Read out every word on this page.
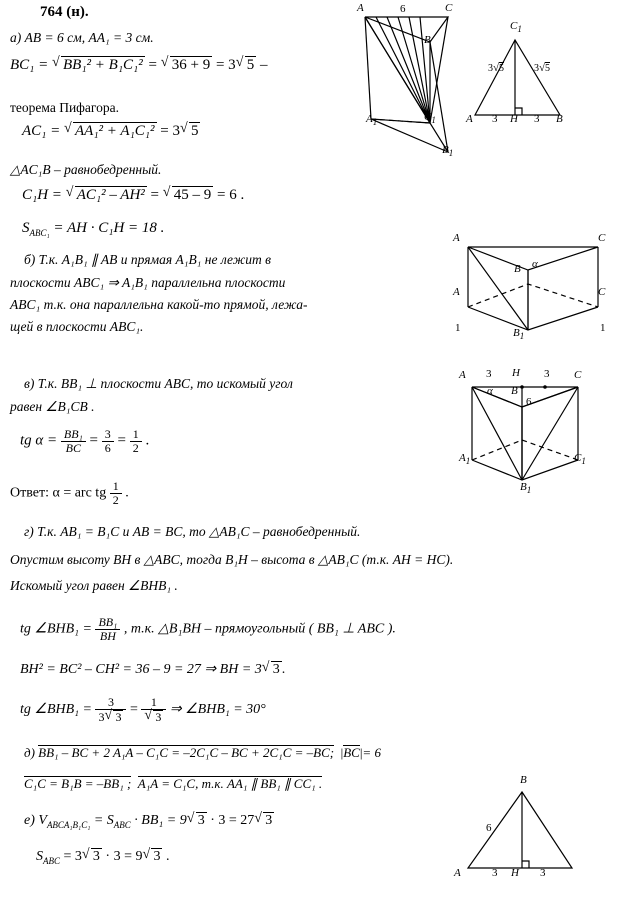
764 (н).
а) AB = 6 см, AA₁ = 3 см.
BC₁ = √ BB₁² + B₁C₁² = √ 36 + 9 = 3 √ 5 –
теорема Пифагора.
AC₁ = √ AA₁² + A₁C₁² = 3 √ 5
△AC₁B – равнобедренный.
C₁H = √ AC₁² – AH² = √ 45 – 9 = 6 .
$S_{ABC_1}$ = AH · C₁H = 18 .
б) Т.к. A₁B₁ ∥ AB и прямая A₁B₁ не лежит в
плоскости ABC₁ ⇒ A₁B₁ параллельна плоскости
ABC₁ т.к. она параллельна какой-то прямой, лежа-
щей в плоскости ABC₁.
в) Т.к. BB₁ ⊥ плоскости ABC, то искомый угол
равен ∠B₁CB .
tg $\alpha = \frac{\text{BB₁}}{BC} = \frac{3}{6} = \frac{1}{2}$ .
Ответ: α = arc tg $\frac{1}{2}$ .
г) Т.к. AB₁ = B₁C и AB = BC, то △AB₁C – равнобедренный.
Опустим высоту BH в △ABC, тогда B₁H – высота в △AB₁C (т.к. AH = HC).
Искомый угол равен ∠BHB₁ .
tg ∠BHB₁ = $\frac{\text{BB₁}}{BH}$ , т.к. △B₁BH – прямоугольный ( BB₁ ⊥ ABC ).
BH² = BC² – CH² = 36 – 9 = 27 ⇒ BH = 3 √ 3 .
tg ∠BHB₁ = $\frac{3}{3 √ 3} = 1$
√ 3 ⇒ ∠BHB₁ = 30°
д) BB₁ – BC + 2 A₁A – C₁C = –2C₁C – BC + 2C₁C = –BC;  |BC|= 6
C₁C = B₁B = –BB₁ ; A₁A = C₁C, т.к. AA₁ ∥ BB₁ ∥ CC₁ .
е) $V_{ABCA_1B_1C_1} = S_{ABC} \cdot BB_1 = 9$ √ 3 · 3 = 27 √ 3
$S_{ABC} = 3$ √ 3 · 3 = 9 √ 3 .
A	6	C
B
$A_1$	$C_1$
$B_1$
$C_1$
3√5	3√5
A 3 H 3 B
A	C
B α
A	C
1	1
$B_1$
A 3 H 3 C
α B
6
$A_1$	$C_1$
$B_1$
B
6
A	3 H 3
